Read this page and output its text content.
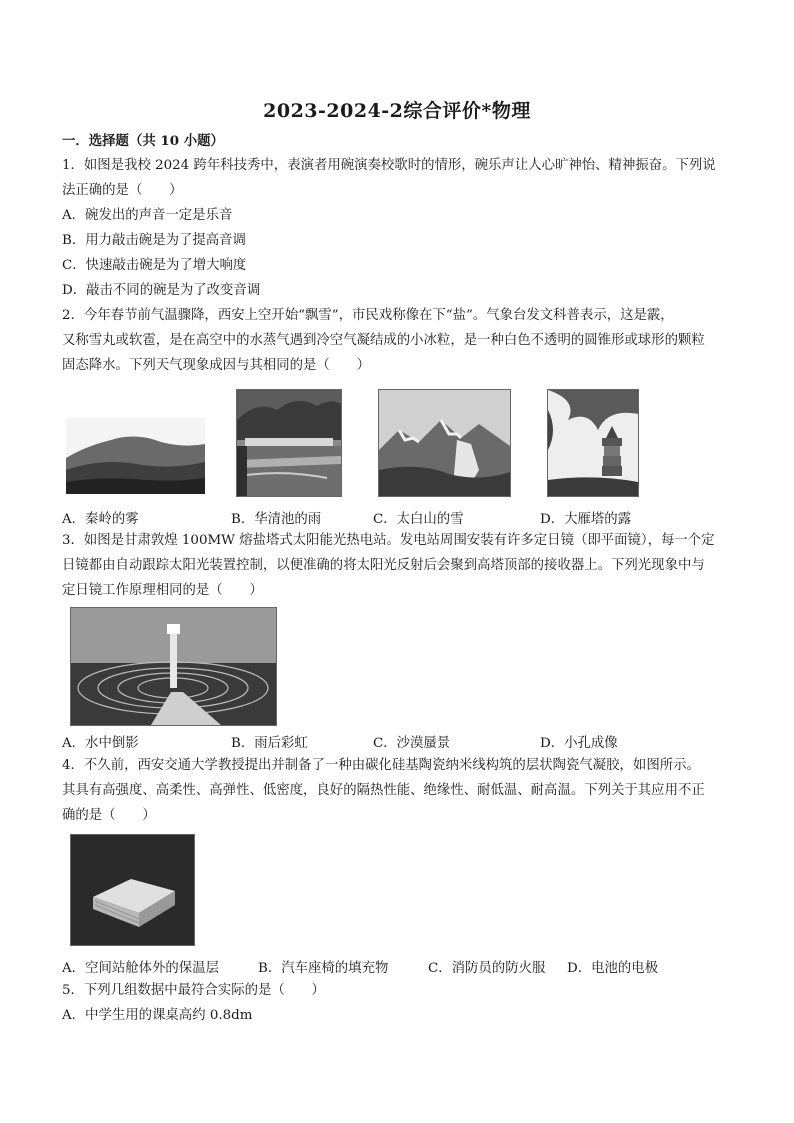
2023-2024-2综合评价*物理
一．选择题（共 10 小题）
1．如图是我校 2024 跨年科技秀中，表演者用碗演奏校歌时的情形，碗乐声让人心旷神怡、精神振奋。下列说
法正确的是（　　）
A．碗发出的声音一定是乐音
B．用力敲击碗是为了提高音调
C．快速敲击碗是为了增大响度
D．敲击不同的碗是为了改变音调
2．今年春节前气温骤降，西安上空开始“飘雪”，市民戏称像在下“盐”。气象台发文科普表示，这是霰，
又称雪丸或软雹，是在高空中的水蒸气遇到冷空气凝结成的小冰粒，是一种白色不透明的圆锥形或球形的颗粒
固态降水。下列天气现象成因与其相同的是（　　）
A．秦岭的雾	B．华清池的雨	C．太白山的雪	D．大雁塔的露
3．如图是甘肃敦煌 100MW 熔盐塔式太阳能光热电站。发电站周围安装有许多定日镜（即平面镜），每一个定
日镜都由自动跟踪太阳光装置控制，以便准确的将太阳光反射后会聚到高塔顶部的接收器上。下列光现象中与
定日镜工作原理相同的是（　　）
A．水中倒影	B．雨后彩虹	C．沙漠蜃景	D．小孔成像
4．不久前，西安交通大学教授提出并制备了一种由碳化硅基陶瓷纳米线构筑的层状陶瓷气凝胶，如图所示。
其具有高强度、高柔性、高弹性、低密度，良好的隔热性能、绝缘性、耐低温、耐高温。下列关于其应用不正
确的是（　　）
A．空间站舱体外的保温层	B．汽车座椅的填充物	C．消防员的防火服 D．电池的电极
5．下列几组数据中最符合实际的是（　　）
A．中学生用的课桌高约 0.8dm
